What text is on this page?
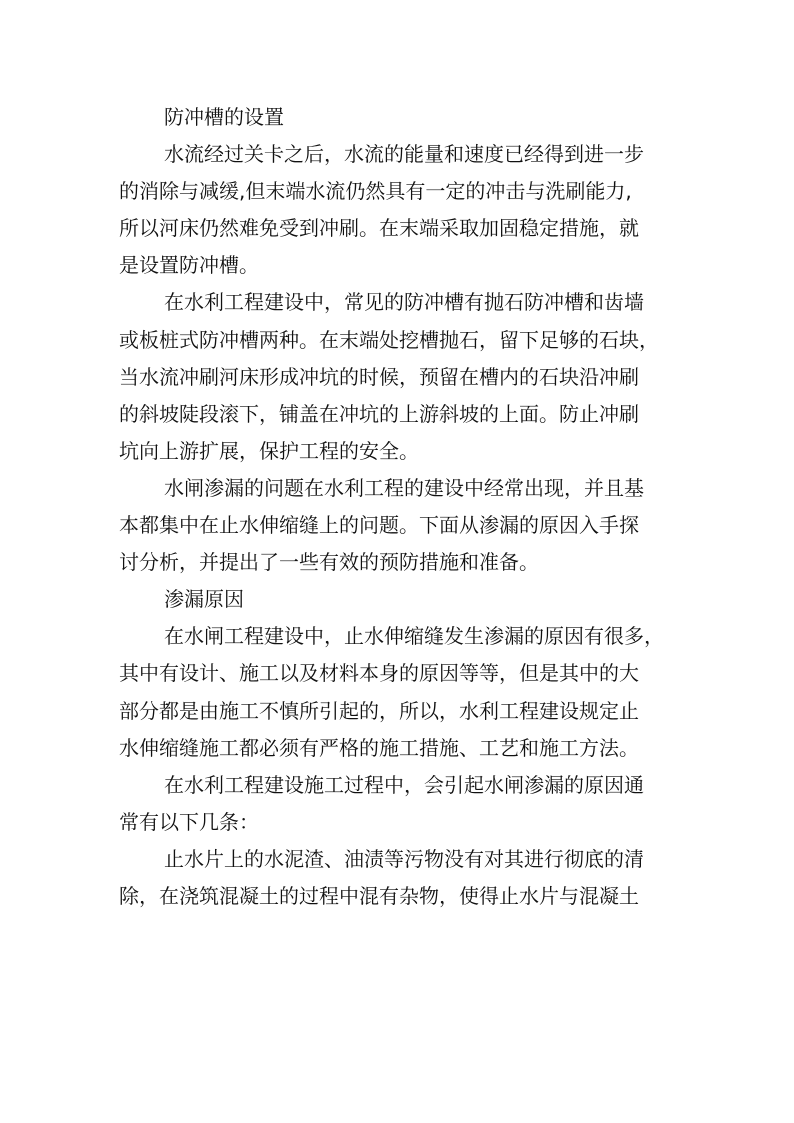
防冲槽的设置
水流经过关卡之后，水流的能量和速度已经得到进一步
的消除与减缓,但末端水流仍然具有一定的冲击与洗刷能力,
所以河床仍然难免受到冲刷。在末端采取加固稳定措施，就
是设置防冲槽。
在水利工程建设中，常见的防冲槽有抛石防冲槽和齿墙
或板桩式防冲槽两种。在末端处挖槽抛石，留下足够的石块，
当水流冲刷河床形成冲坑的时候，预留在槽内的石块沿冲刷
的斜坡陡段滚下，铺盖在冲坑的上游斜坡的上面。防止冲刷
坑向上游扩展，保护工程的安全。
水闸渗漏的问题在水利工程的建设中经常出现，并且基
本都集中在止水伸缩缝上的问题。下面从渗漏的原因入手探
讨分析，并提出了一些有效的预防措施和准备。
渗漏原因
在水闸工程建设中，止水伸缩缝发生渗漏的原因有很多，
其中有设计、施工以及材料本身的原因等等，但是其中的大
部分都是由施工不慎所引起的，所以，水利工程建设规定止
水伸缩缝施工都必须有严格的施工措施、工艺和施工方法。
在水利工程建设施工过程中，会引起水闸渗漏的原因通
常有以下几条：
止水片上的水泥渣、油渍等污物没有对其进行彻底的清
除，在浇筑混凝土的过程中混有杂物，使得止水片与混凝土
